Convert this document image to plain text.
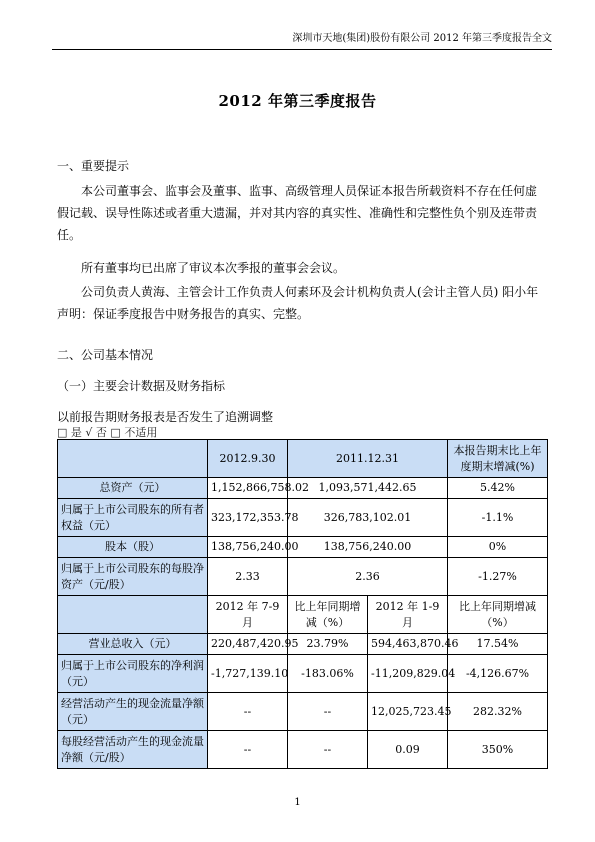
深圳市天地(集团)股份有限公司 2012 年第三季度报告全文
2012 年第三季度报告
一、重要提示
本公司董事会、监事会及董事、监事、高级管理人员保证本报告所载资料不存在任何虚假记载、误导性陈述或者重大遗漏，并对其内容的真实性、准确性和完整性负个别及连带责任。
所有董事均已出席了审议本次季报的董事会会议。
公司负责人黄海、主管会计工作负责人何素环及会计机构负责人(会计主管人员) 阳小年声明：保证季度报告中财务报告的真实、完整。
二、公司基本情况
（一）主要会计数据及财务指标
以前报告期财务报表是否发生了追溯调整
□ 是 √ 否 □ 不适用
	2012.9.30	2011.12.31		本报告期末比上年度期末增减(%)
总资产（元）	1,152,866,758.02	1,093,571,442.65		5.42%
归属于上市公司股东的所有者权益（元）	323,172,353.78	326,783,102.01		-1.1%
股本（股）	138,756,240.00	138,756,240.00		0%
归属于上市公司股东的每股净资产（元/股）	2.33	2.36		-1.27%
	2012 年 7-9 月	比上年同期增减（%）	2012 年 1-9 月	比上年同期增减（%）
营业总收入（元）	220,487,420.95	23.79%	594,463,870.46	17.54%
归属于上市公司股东的净利润（元）	-1,727,139.10	-183.06%	-11,209,829.04	-4,126.67%
经营活动产生的现金流量净额（元）	--	--	12,025,723.45	282.32%
每股经营活动产生的现金流量净额（元/股）	--	--	0.09	350%
1
